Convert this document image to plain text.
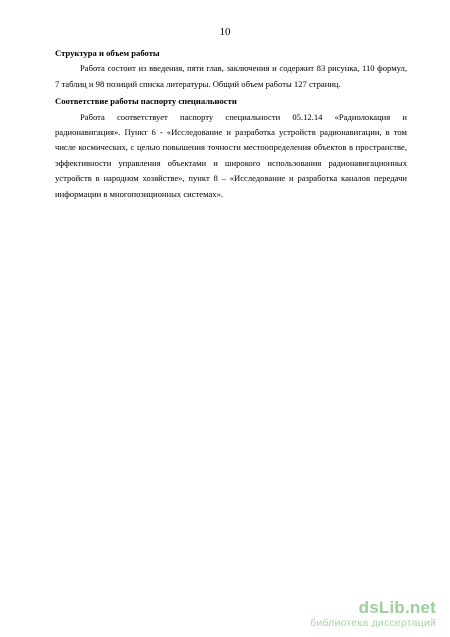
10

Структура и объем работы

Работа состоит из введения, пяти глав, заключения и содержит 83 рисунка, 110 формул, 7 таблиц и 98 позиций списка литературы. Общий объем работы 127 страниц.

Соответствие работы паспорту специальности

Работа соответствует паспорту специальности 05.12.14 «Радиолокация и радионавигация». Пункт 6 - «Исследование и разработка устройств радионавигации, в том числе космических, с целью повышения точности местоопределения объектов в пространстве, эффективности управления объектами и широкого использования радионавигационных устройств в народном хозяйстве», пункт 8 – «Исследование и разработка каналов передачи информации в многопозиционных системах».

dsLib.net
библиотека диссертаций
